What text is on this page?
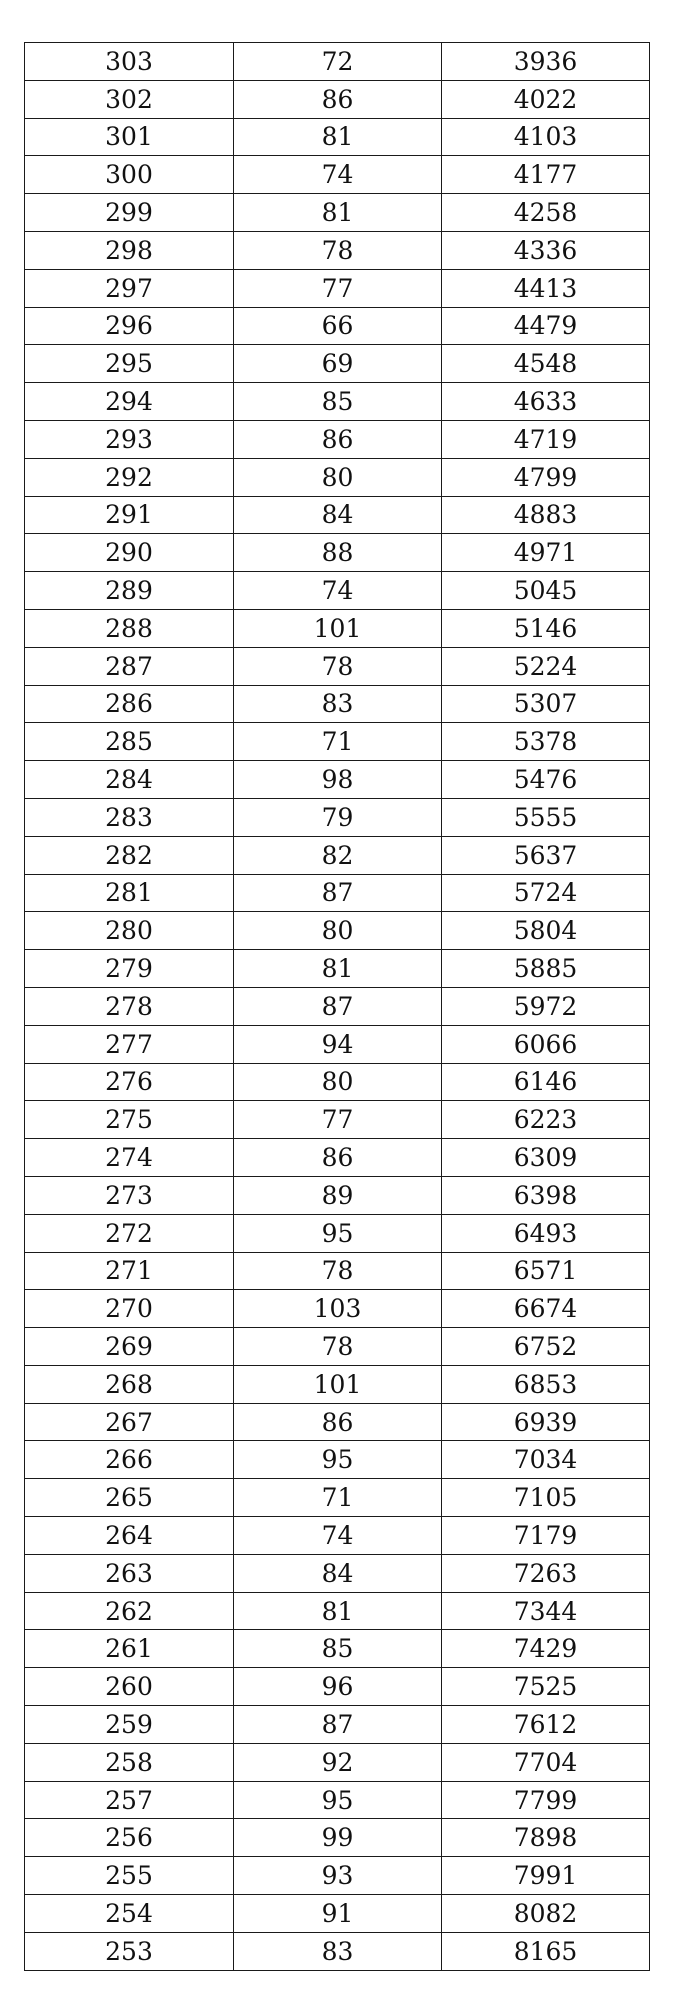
303	72	3936
302	86	4022
301	81	4103
300	74	4177
299	81	4258
298	78	4336
297	77	4413
296	66	4479
295	69	4548
294	85	4633
293	86	4719
292	80	4799
291	84	4883
290	88	4971
289	74	5045
288	101	5146
287	78	5224
286	83	5307
285	71	5378
284	98	5476
283	79	5555
282	82	5637
281	87	5724
280	80	5804
279	81	5885
278	87	5972
277	94	6066
276	80	6146
275	77	6223
274	86	6309
273	89	6398
272	95	6493
271	78	6571
270	103	6674
269	78	6752
268	101	6853
267	86	6939
266	95	7034
265	71	7105
264	74	7179
263	84	7263
262	81	7344
261	85	7429
260	96	7525
259	87	7612
258	92	7704
257	95	7799
256	99	7898
255	93	7991
254	91	8082
253	83	8165
